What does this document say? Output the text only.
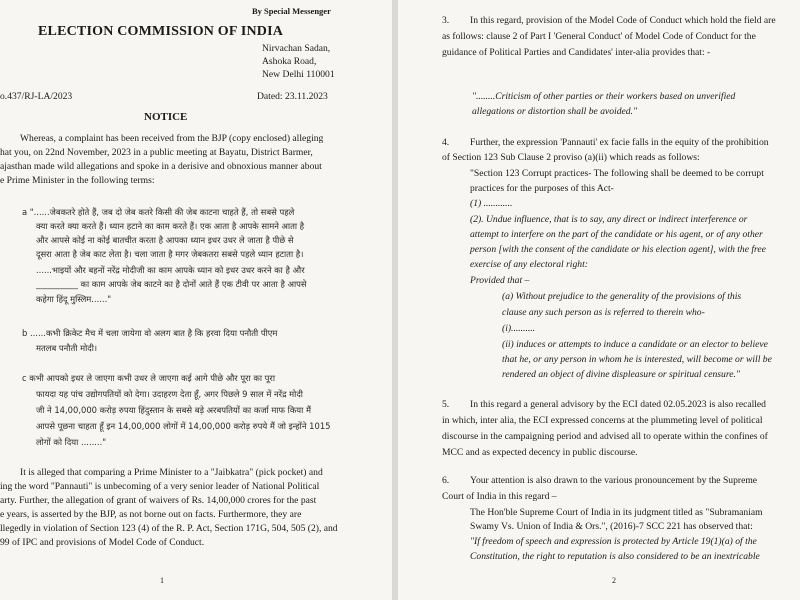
By Special Messenger
ELECTION COMMISSION OF INDIA
Nirvachan Sadan,
Ashoka Road,
New Delhi 110001
o.437/RJ-LA/2023	Dated: 23.11.2023
NOTICE
Whereas, a complaint has been received from the BJP (copy enclosed) alleging
hat you, on 22nd November, 2023 in a public meeting at Bayatu, District Barmer,
ajasthan made wild allegations and spoke in a derisive and obnoxious manner about
e Prime Minister in the following terms:
a "......जेबकतरे होते हैं, जब दो जेब कतरे किसी की जेब काटना चाहते हैं, तो सबसे पहले
क्या करते क्या करते हैं। ध्यान हटाने का काम करते हैं। एक आता है आपके सामने आता है
और आपसे कोई ना कोई बातचीत करता है आपका ध्यान इधर उधर ले जाता है पीछे से
दूसरा आता है जेब काट लेता है। चला जाता है मगर जेबकतरा सबसे पहले ध्यान हटाता है।
......भाइयों और बहनों नरेंद्र मोदीजी का काम आपके ध्यान को इधर उधर करने का है और
__________ का काम आपके जेब काटने का है दोनों आते हैं एक टीवी पर आता है आपसे
कहेगा हिंदू मुस्लिम......"
b ......कभी क्रिकेट मैच में चला जायेगा वो अलग बात है कि हरवा दिया पनौती पीएम
मतलब पनौती मोदी।
c कभी आपको इधर ले जाएगा कभी उधर ले जाएगा कई आगे पीछे और पूरा का पूरा
फायदा यह पांच उद्योगपतियों को देगा। उदाहरण देता हूँ, अगर पिछले 9 साल में नरेंद्र मोदी
जी ने 14,00,000 करोड़ रुपया हिंदुस्तान के सबसे बड़े अरबपतियों का कर्जा माफ किया मैं
आपसे पूछना चाहता हूँ इन 14,00,000 लोगों में 14,00,000 करोड़ रुपये मैं जो इन्होंने 1015
लोगों को दिया ........"
It is alleged that comparing a Prime Minister to a "Jaibkatra" (pick pocket) and
ing the word "Pannauti" is unbecoming of a very senior leader of National Political
arty. Further, the allegation of grant of waivers of Rs. 14,00,000 crores for the past
e years, is asserted by the BJP, as not borne out on facts. Furthermore, they are
llegedly in violation of Section 123 (4) of the R. P. Act, Section 171G, 504, 505 (2), and
99 of IPC and provisions of Model Code of Conduct.
1
3. In this regard, provision of the Model Code of Conduct which hold the field are
as follows: clause 2 of Part I 'General Conduct' of Model Code of Conduct for the
guidance of Political Parties and Candidates' inter-alia provides that: -
"........Criticism of other parties or their workers based on unverified
allegations or distortion shall be avoided."
4. Further, the expression 'Pannauti' ex facie falls in the equity of the prohibition
of Section 123 Sub Clause 2 proviso (a)(ii) which reads as follows:
"Section 123 Corrupt practices- The following shall be deemed to be corrupt
practices for the purposes of this Act-
(1) ............
(2). Undue influence, that is to say, any direct or indirect interference or
attempt to interfere on the part of the candidate or his agent, or of any other
person [with the consent of the candidate or his election agent], with the free
exercise of any electoral right:
Provided that –
(a) Without prejudice to the generality of the provisions of this
clause any such person as is referred to therein who-
(i)..........
(ii) induces or attempts to induce a candidate or an elector to believe
that he, or any person in whom he is interested, will become or will be
rendered an object of divine displeasure or spiritual censure."
5. In this regard a general advisory by the ECI dated 02.05.2023 is also recalled
in which, inter alia, the ECI expressed concerns at the plummeting level of political
discourse in the campaigning period and advised all to operate within the confines of
MCC and as expected decency in public discourse.
6. Your attention is also drawn to the various pronouncement by the Supreme
Court of India in this regard –
The Hon'ble Supreme Court of India in its judgment titled as "Subramaniam
Swamy Vs. Union of India & Ors.", (2016)-7 SCC 221 has observed that:
"If freedom of speech and expression is protected by Article 19(1)(a) of the
Constitution, the right to reputation is also considered to be an inextricable
2
